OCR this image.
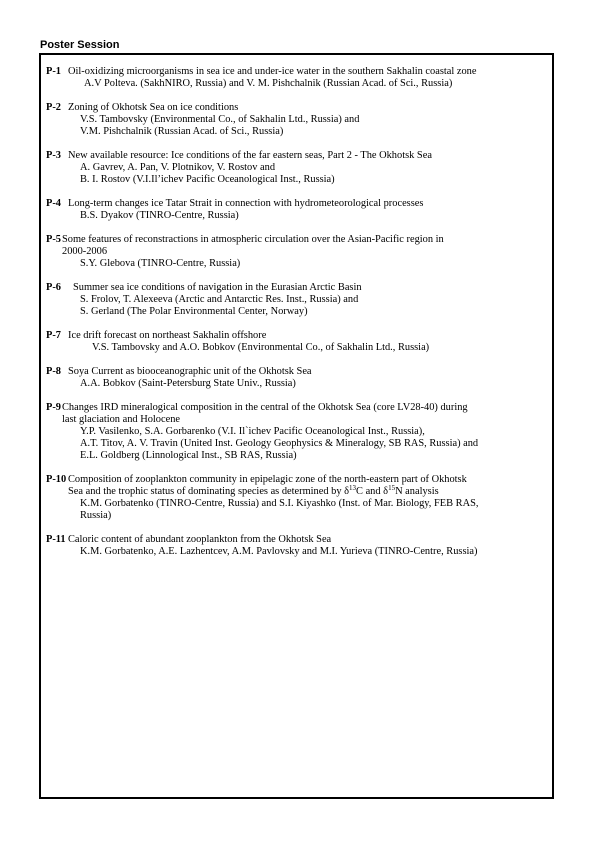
Poster Session
P-1 Oil-oxidizing microorganisms in sea ice and under-ice water in the southern Sakhalin coastal zone
A.V Polteva. (SakhNIRO, Russia) and V. M. Pishchalnik (Russian Acad. of Sci., Russia)
P-2 Zoning of Okhotsk Sea on ice conditions
V.S. Tambovsky (Environmental Co., of Sakhalin Ltd., Russia) and
V.M. Pishchalnik (Russian Acad. of Sci., Russia)
P-3 New available resource: Ice conditions of the far eastern seas, Part 2 - The Okhotsk Sea
A. Gavrev, A. Pan, V. Plotnikov, V. Rostov and
B. I. Rostov (V.I.Il’ichev Pacific Oceanological Inst., Russia)
P-4 Long-term changes ice Tatar Strait in connection with hydrometeorological processes
B.S. Dyakov (TINRO-Centre, Russia)
P-5Some features of reconstractions in atmospheric circulation over the Asian-Pacific region in
2000-2006
S.Y. Glebova (TINRO-Centre, Russia)
P-6 Summer sea ice conditions of navigation in the Eurasian Arctic Basin
S. Frolov, T. Alexeeva (Arctic and Antarctic Res. Inst., Russia) and
S. Gerland (The Polar Environmental Center, Norway)
P-7 Ice drift forecast on northeast Sakhalin offshore
V.S. Tambovsky and A.O. Bobkov (Environmental Co., of Sakhalin Ltd., Russia)
P-8 Soya Current as biooceanographic unit of the Okhotsk Sea
A.A. Bobkov (Saint-Petersburg State Univ., Russia)
P-9Changes IRD mineralogical composition in the central of the Okhotsk Sea (core LV28-40) during
last glaciation and Holocene
Y.P. Vasilenko, S.A. Gorbarenko (V.I. Il`ichev Pacific Oceanological Inst., Russia),
A.T. Titov, A. V. Travin (United Inst. Geology Geophysics & Mineralogy, SB RAS, Russia) and
E.L. Goldberg (Linnological Inst., SB RAS, Russia)
P-10 Composition of zooplankton community in epipelagic zone of the north-eastern part of Okhotsk
Sea and the trophic status of dominating species as determined by $\delta^{13}C$ and $\delta^{15}N$ analysis
K.M. Gorbatenko (TINRO-Centre, Russia) and S.I. Kiyashko (Inst. of Mar. Biology, FEB RAS,
Russia)
P-11 Caloric content of abundant zooplankton from the Okhotsk Sea
K.M. Gorbatenko, A.E. Lazhentcev, A.M. Pavlovsky and M.I. Yurieva (TINRO-Centre, Russia)
